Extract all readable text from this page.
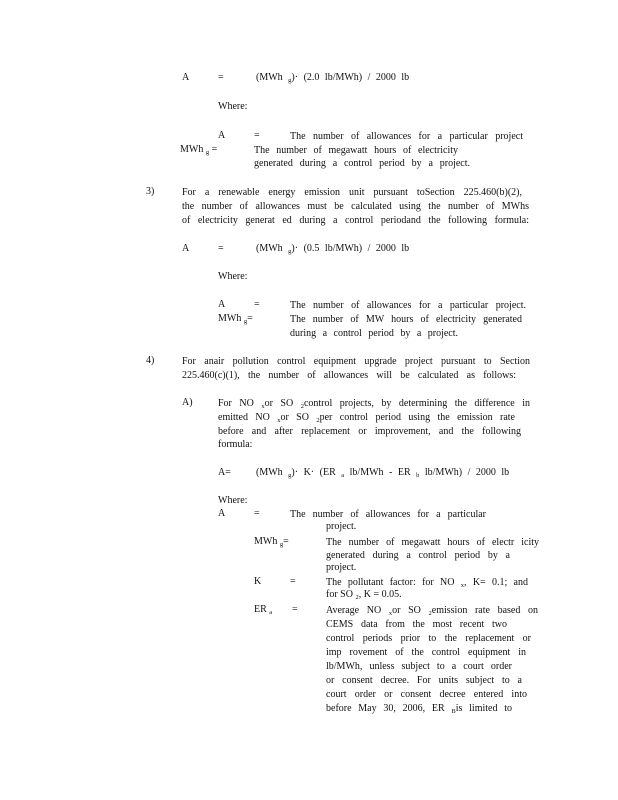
A	=	(MWh $_g$)· (2.0 lb/MWh) / 2000 lb
Where:
A	=	The number of allowances for a particular project
MWh $_g$ =	The number of megawatt hours of electricity
generated during a control period by a project.
3)	For a renewable energy emission unit pursuant toSection 225.460(b)(2),
the number of allowances must be calculated using the number of MWhs
of electricity generat ed during a control periodand the following formula:
A	=	(MWh $_g$)· (0.5 lb/MWh) / 2000 lb
Where:
A	=	The number of allowances for a particular project.
MWh $_g$=	The number of MW hours of electricity generated
during a control period by a project.
4)	For anair pollution control equipment upgrade project pursuant to Section
225.460(c)(1), the number of allowances will be calculated as follows:
A)	For NO $_x$or SO $_2$control projects, by determining the difference in
emitted NO $_x$or SO $_2$per control period using the emission rate
before and after replacement or improvement, and the following
formula:
A=	(MWh $_g$)· K· (ER $_a$ lb/MWh - ER $_b$ lb/MWh) / 2000 lb
Where:
A	=	The number of allowances for a particular
project.
MWh $_g$=	The number of megawatt hours of electr icity
generated during a control period by a
project.
K	=	The pollutant factor: for NO $_x$, K= 0.1; and
for SO $_2$, K = 0.05.
ER $_a$ =	Average NO $_x$or SO $_2$emission rate based on
CEMS data from the most recent two
control periods prior to the replacement or
imp rovement of the control equipment in
lb/MWh, unless subject to a court order
or consent decree. For units subject to a
court order or consent decree entered into
before May 30, 2006, ER $_B$is limited to
